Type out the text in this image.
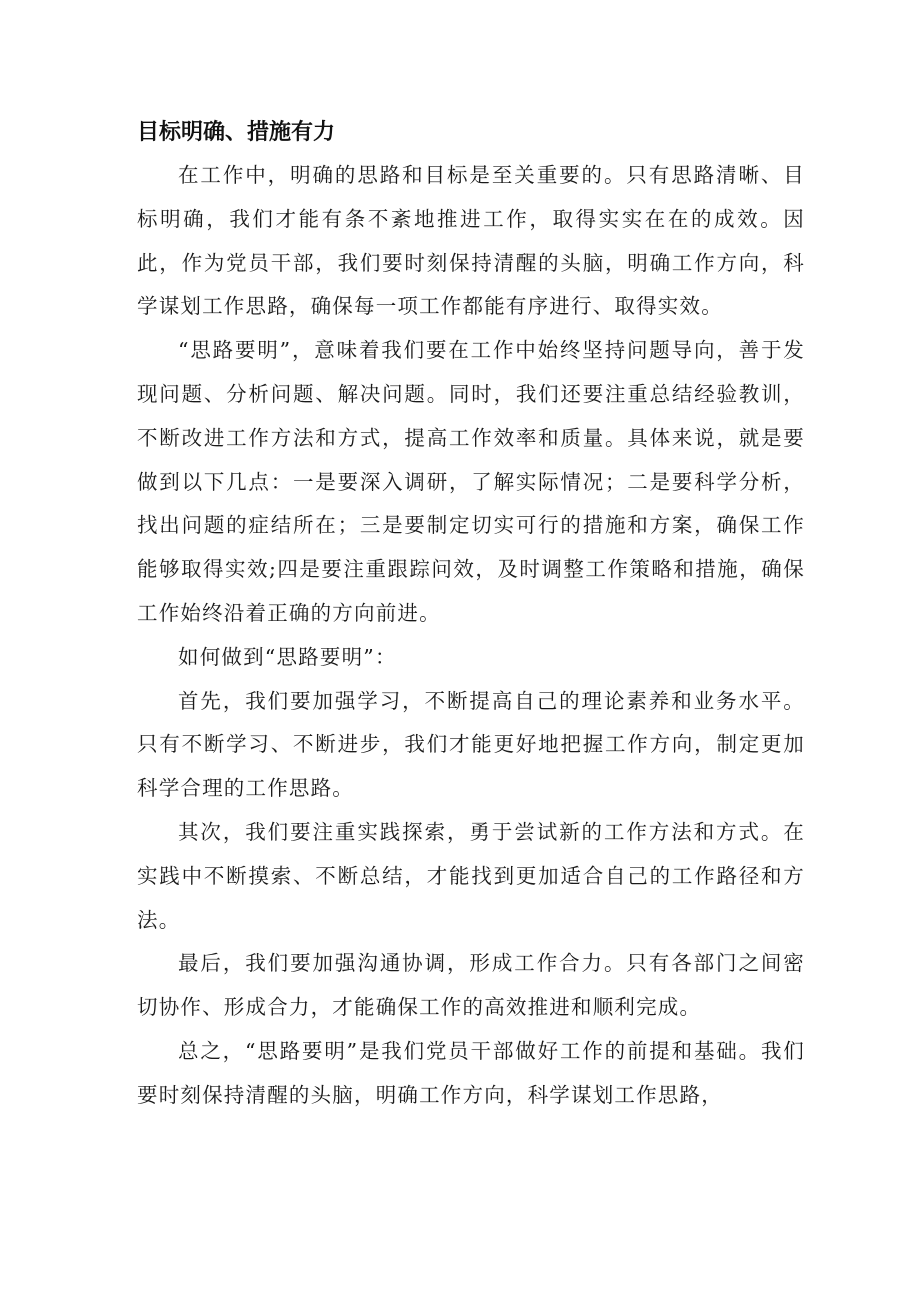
目标明确、措施有力

在工作中，明确的思路和目标是至关重要的。只有思路清晰、目标明确，我们才能有条不紊地推进工作，取得实实在在的成效。因此，作为党员干部，我们要时刻保持清醒的头脑，明确工作方向，科学谋划工作思路，确保每一项工作都能有序进行、取得实效。

“思路要明”，意味着我们要在工作中始终坚持问题导向，善于发现问题、分析问题、解决问题。同时，我们还要注重总结经验教训，不断改进工作方法和方式，提高工作效率和质量。具体来说，就是要做到以下几点：一是要深入调研，了解实际情况；二是要科学分析，找出问题的症结所在；三是要制定切实可行的措施和方案，确保工作能够取得实效;四是要注重跟踪问效，及时调整工作策略和措施，确保工作始终沿着正确的方向前进。

如何做到“思路要明”：

首先，我们要加强学习，不断提高自己的理论素养和业务水平。只有不断学习、不断进步，我们才能更好地把握工作方向，制定更加科学合理的工作思路。

其次，我们要注重实践探索，勇于尝试新的工作方法和方式。在实践中不断摸索、不断总结，才能找到更加适合自己的工作路径和方法。

最后，我们要加强沟通协调，形成工作合力。只有各部门之间密切协作、形成合力，才能确保工作的高效推进和顺利完成。

总之，“思路要明”是我们党员干部做好工作的前提和基础。我们要时刻保持清醒的头脑，明确工作方向，科学谋划工作思路，
